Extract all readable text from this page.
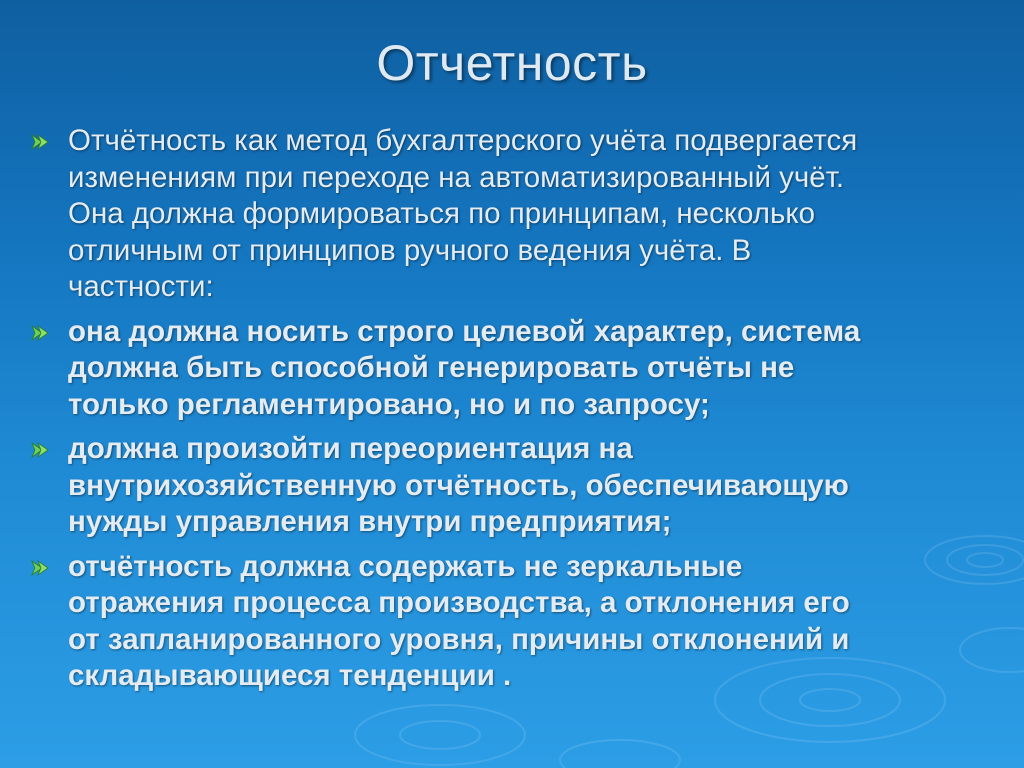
Отчетность
Отчётность как метод бухгалтерского учёта подвергается
изменениям при переходе на автоматизированный учёт.
Она должна формироваться по принципам, несколько
отличным от принципов ручного ведения учёта. В
частности:
она должна носить строго целевой характер, система
должна быть способной генерировать отчёты не
только регламентировано, но и по запросу;
должна произойти переориентация на
внутрихозяйственную отчётность, обеспечивающую
нужды управления внутри предприятия;
отчётность должна содержать не зеркальные
отражения процесса производства, а отклонения его
от запланированного уровня, причины отклонений и
складывающиеся тенденции .
